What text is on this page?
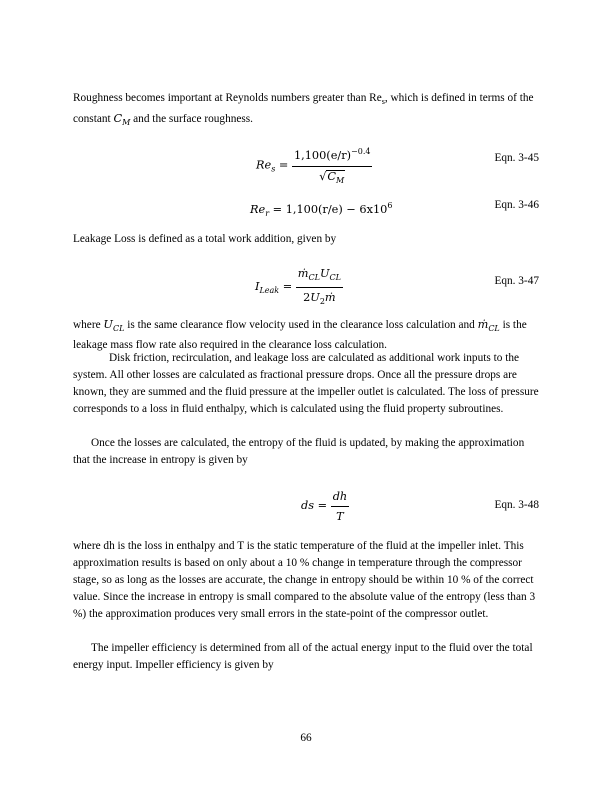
Roughness becomes important at Reynolds numbers greater than $Re_s$, which is defined in terms of the constant $C_M$ and the surface roughness.

$Re_s = \frac{1,100(e/r)^{-0.4}}{√C_M}$	Eqn. 3-45
$Re_r = 1,100(r/e) - 6x10^6$	Eqn. 3-46

Leakage Loss is defined as a total work addition, given by

$I_{Leak} = \frac{ṁ_{CL}U_{CL}}{2U_2ṁ}$	Eqn. 3-47

where $U_{CL}$ is the same clearance flow velocity used in the clearance loss calculation and ṁ$_{CL}$ is the leakage mass flow rate also required in the clearance loss calculation.

Disk friction, recirculation, and leakage loss are calculated as additional work inputs to the system. All other losses are calculated as fractional pressure drops. Once all the pressure drops are known, they are summed and the fluid pressure at the impeller outlet is calculated. The loss of pressure corresponds to a loss in fluid enthalpy, which is calculated using the fluid property subroutines.

Once the losses are calculated, the entropy of the fluid is updated, by making the approximation that the increase in entropy is given by

ds = $\frac{dh}{T}$	Eqn. 3-48

where dh is the loss in enthalpy and T is the static temperature of the fluid at the impeller inlet. This approximation results is based on only about a 10 % change in temperature through the compressor stage, so as long as the losses are accurate, the change in entropy should be within 10 % of the correct value. Since the increase in entropy is small compared to the absolute value of the entropy (less than 3 %) the approximation produces very small errors in the state-point of the compressor outlet.

The impeller efficiency is determined from all of the actual energy input to the fluid over the total energy input. Impeller efficiency is given by

66
